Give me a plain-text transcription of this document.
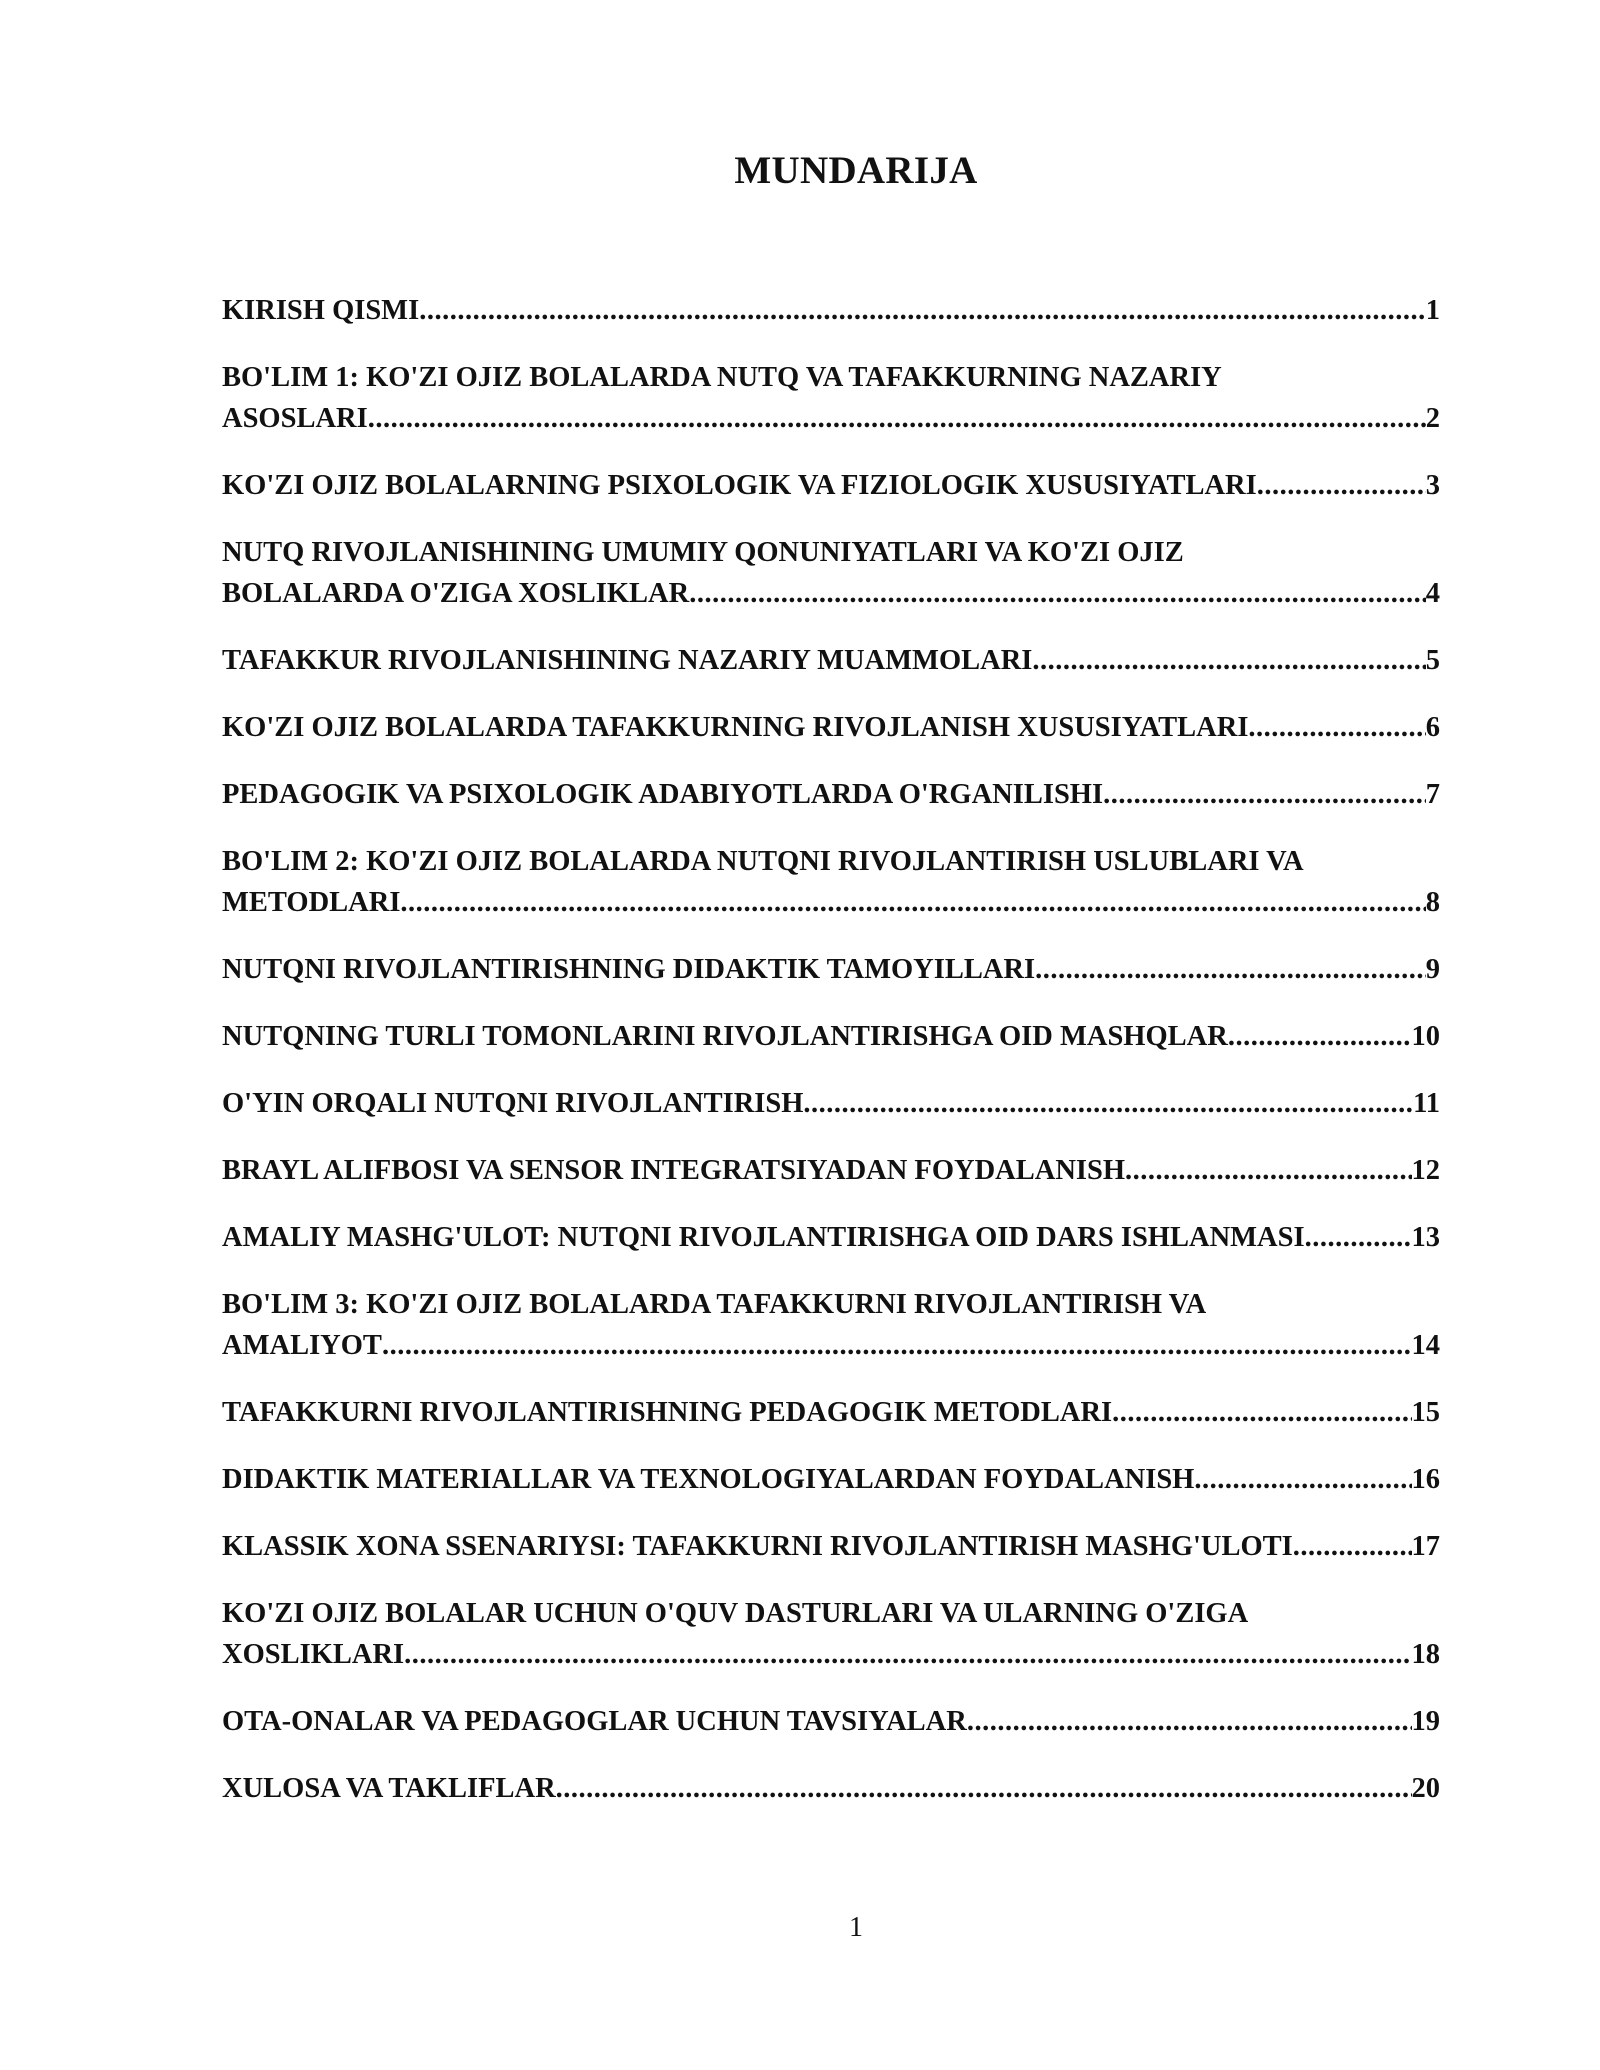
MUNDARIJA
KIRISH QISMI .....	1
BO'LIM 1: KO'ZI OJIZ BOLALARDA NUTQ VA TAFAKKURNING NAZARIY
ASOSLARI .....	2
KO'ZI OJIZ BOLALARNING PSIXOLOGIK VA FIZIOLOGIK XUSUSIYATLARI .....	3
NUTQ RIVOJLANISHINING UMUMIY QONUNIYATLARI VA KO'ZI OJIZ
BOLALARDA O'ZIGA XOSLIKLAR .....	4
TAFAKKUR RIVOJLANISHINING NAZARIY MUAMMOLARI .....	5
KO'ZI OJIZ BOLALARDA TAFAKKURNING RIVOJLANISH XUSUSIYATLARI .....	6
PEDAGOGIK VA PSIXOLOGIK ADABIYOTLARDA O'RGANILISHI .....	7
BO'LIM 2: KO'ZI OJIZ BOLALARDA NUTQNI RIVOJLANTIRISH USLUBLARI VA
METODLARI .....	8
NUTQNI RIVOJLANTIRISHNING DIDAKTIK TAMOYILLARI .....	9
NUTQNING TURLI TOMONLARINI RIVOJLANTIRISHGA OID MASHQLAR .....	10
O'YIN ORQALI NUTQNI RIVOJLANTIRISH .....	11
BRAYL ALIFBOSI VA SENSOR INTEGRATSIYADAN FOYDALANISH .....	12
AMALIY MASHG'ULOT: NUTQNI RIVOJLANTIRISHGA OID DARS ISHLANMASI .....	13
BO'LIM 3: KO'ZI OJIZ BOLALARDA TAFAKKURNI RIVOJLANTIRISH VA
AMALIYOT .....	14
TAFAKKURNI RIVOJLANTIRISHNING PEDAGOGIK METODLARI .....	15
DIDAKTIK MATERIALLAR VA TEXNOLOGIYALARDAN FOYDALANISH .....	16
KLASSIK XONA SSENARIYSI: TAFAKKURNI RIVOJLANTIRISH MASHG'ULOTI .....	17
KO'ZI OJIZ BOLALAR UCHUN O'QUV DASTURLARI VA ULARNING O'ZIGA
XOSLIKLARI .....	18
OTA-ONALAR VA PEDAGOGLAR UCHUN TAVSIYALAR .....	19
XULOSA VA TAKLIFLAR .....	20

1
